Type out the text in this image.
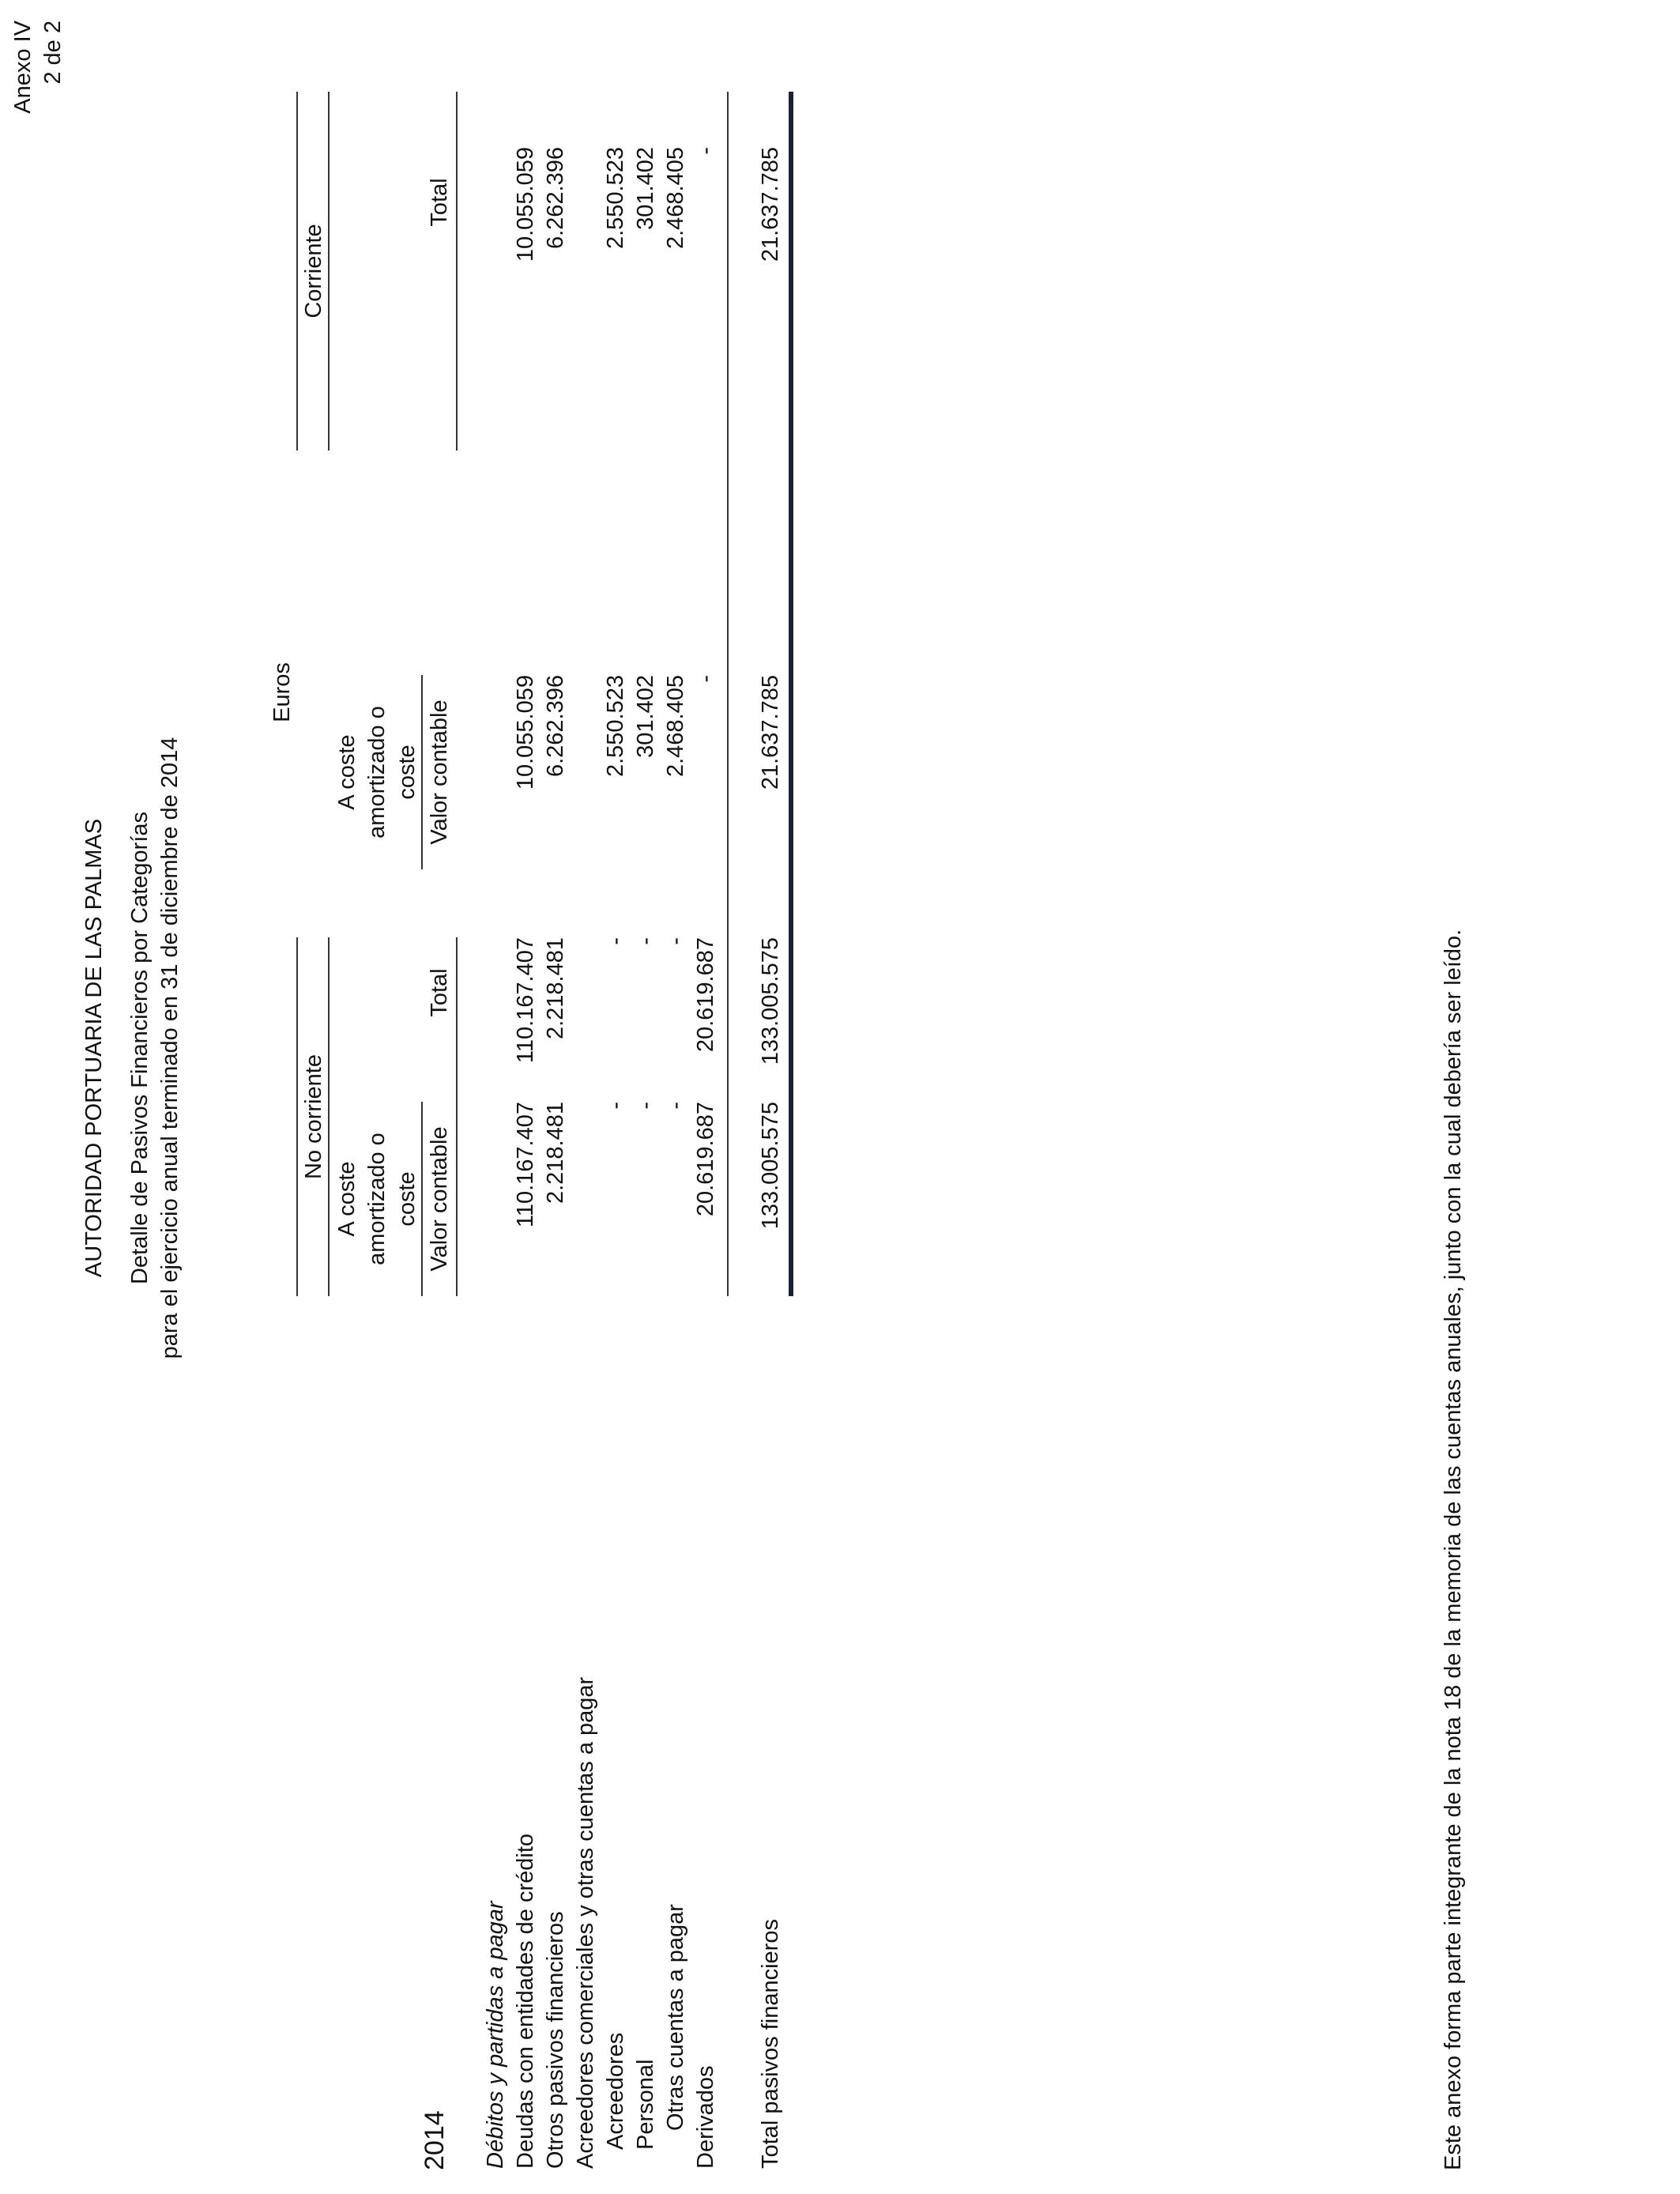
Anexo IV 2 de 2
AUTORIDAD PORTUARIA DE LAS PALMAS Detalle de Pasivos Financieros por Categorías para el ejercicio anual terminado en 31 de diciembre de 2014
Euros
No corriente
Corriente
A coste amortizado o coste
A coste amortizado o coste
Valor contable
Total
Valor contable
Total
2014 Débitos y partidas a pagar Deudas con entidades de crédito
110.167.407
110.167.407
10.055.059
10.055.059
Otros pasivos financieros
2.218.481
2.218.481
6.262.396
6.262.396
Acreedores comerciales y otras cuentas a pagar Acreedores
-
-
2.550.523
2.550.523
Personal
-
-
301.402
301.402
Otras cuentas a pagar
-
-
2.468.405
2.468.405
Derivados
20.619.687
20.619.687
-
-
Total pasivos financieros
133.005.575
133.005.575
21.637.785
21.637.785
Este anexo forma parte integrante de la nota 18 de la memoria de las cuentas anuales, junto con la cual debería ser leído.
